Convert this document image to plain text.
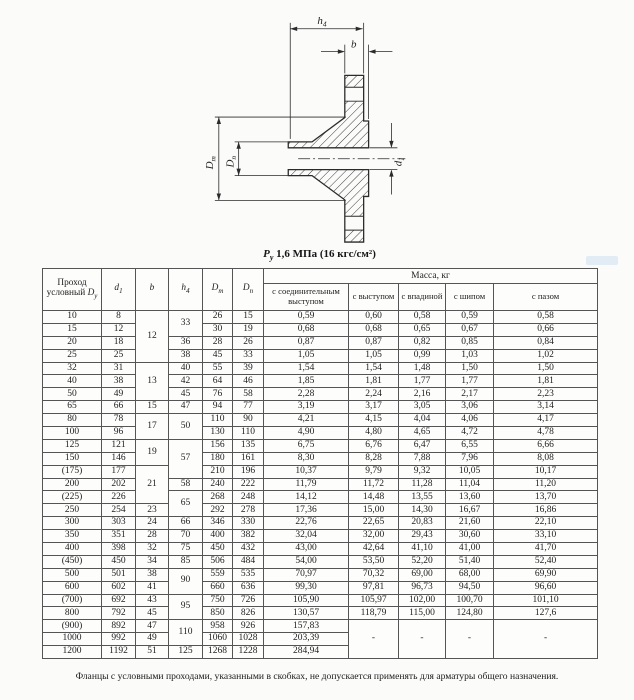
$h_4$
b
$D_m$
$D_n$
$d_1$
$P_у$ 1,6 МПа (16 кгс/см²)
Проход условный $D_у$	$d_1$	b	$h_4$	$D_m$	$D_n$	Масса, кг				
						с соединительным выступом	с выступом	с впадиной	с шипом	с пазом
10	8	12	33	26	15	0,59	0,60	0,58	0,59	0,58
15	12			30	19	0,68	0,68	0,65	0,67	0,66
20	18		36	28	26	0,87	0,87	0,82	0,85	0,84
25	25		38	45	33	1,05	1,05	0,99	1,03	1,02
32	31	13	40	55	39	1,54	1,54	1,48	1,50	1,50
40	38		42	64	46	1,85	1,81	1,77	1,77	1,81
50	49		45	76	58	2,28	2,24	2,16	2,17	2,23
65	66	15	47	94	77	3,19	3,17	3,05	3,06	3,14
80	78	17	50	110	90	4,21	4,15	4,04	4,06	4,17
100	96			130	110	4,90	4,80	4,65	4,72	4,78
125	121	19	57	156	135	6,75	6,76	6,47	6,55	6,66
150	146			180	161	8,30	8,28	7,88	7,96	8,08
(175)	177	21		210	196	10,37	9,79	9,32	10,05	10,17
200	202		58	240	222	11,79	11,72	11,28	11,04	11,20
(225)	226		65	268	248	14,12	14,48	13,55	13,60	13,70
250	254	23		292	278	17,36	15,00	14,30	16,67	16,86
300	303	24	66	346	330	22,76	22,65	20,83	21,60	22,10
350	351	28	70	400	382	32,04	32,00	29,43	30,60	33,10
400	398	32	75	450	432	43,00	42,64	41,10	41,00	41,70
(450)	450	34	85	506	484	54,00	53,50	52,20	51,40	52,40
500	501	38	90	559	535	70,97	70,32	69,00	68,00	69,90
600	602	41		660	636	99,30	97,81	96,73	94,50	96,60
(700)	692	43	95	750	726	105,90	105,97	102,00	100,70	101,10
800	792	45		850	826	130,57	118,79	115,00	124,80	127,6
(900)	892	47	110	958	926	157,83	-	-	-	-
1000	992	49		1060	1028	203,39				
1200	1192	51	125	1268	1228	284,94				
Фланцы с условными проходами, указанными в скобках, не допускается применять для арматуры общего назначения.
